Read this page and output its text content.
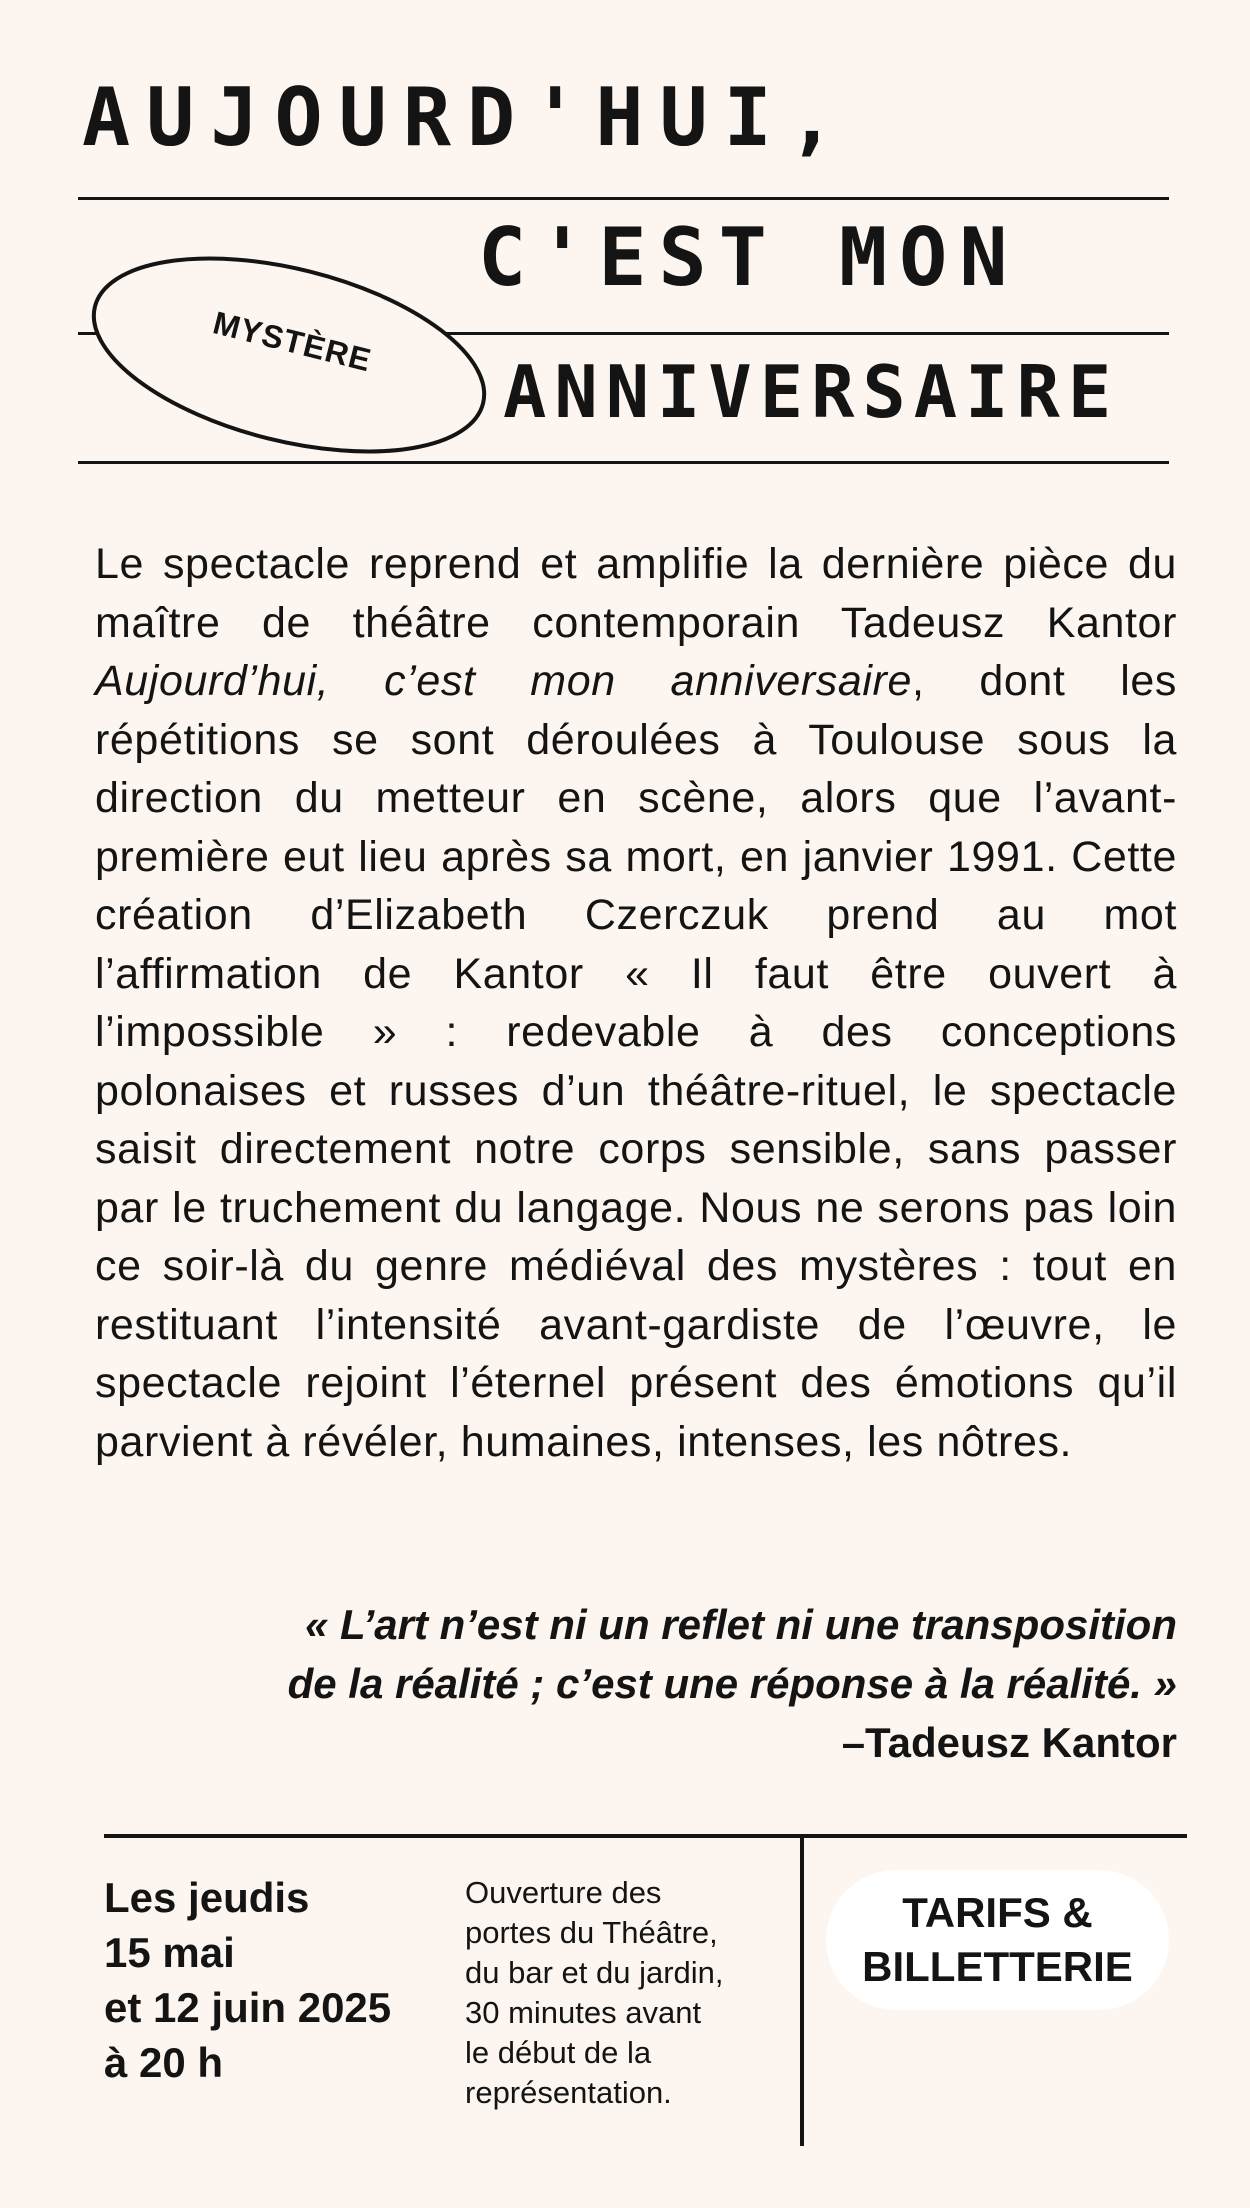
AUJOURD'HUI,
C'EST MON
ANNIVERSAIRE
MYSTÈRE
Le spectacle reprend et amplifie la dernière pièce du maître de théâtre contemporain Tadeusz Kantor Aujourd’hui, c’est mon anniversaire, dont les répétitions se sont déroulées à Toulouse sous la direction du metteur en scène, alors que l’avant-première eut lieu après sa mort, en janvier 1991. Cette création d’Elizabeth Czerczuk prend au mot l’affirmation de Kantor « Il faut être ouvert à l’impossible » : redevable à des conceptions polonaises et russes d’un théâtre-rituel, le spectacle saisit directement notre corps sensible, sans passer par le truchement du langage. Nous ne serons pas loin ce soir-là du genre médiéval des mystères : tout en restituant l’intensité avant-gardiste de l’œuvre, le spectacle rejoint l’éternel présent des émotions qu’il parvient à révéler, humaines, intenses, les nôtres.
« L’art n’est ni un reflet ni une transposition
de la réalité ; c’est une réponse à la réalité. »
–Tadeusz Kantor
Les jeudis
15 mai
et 12 juin 2025
à 20 h
Ouverture des
portes du Théâtre,
du bar et du jardin,
30 minutes avant
le début de la
représentation.
TARIFS &
BILLETTERIE
